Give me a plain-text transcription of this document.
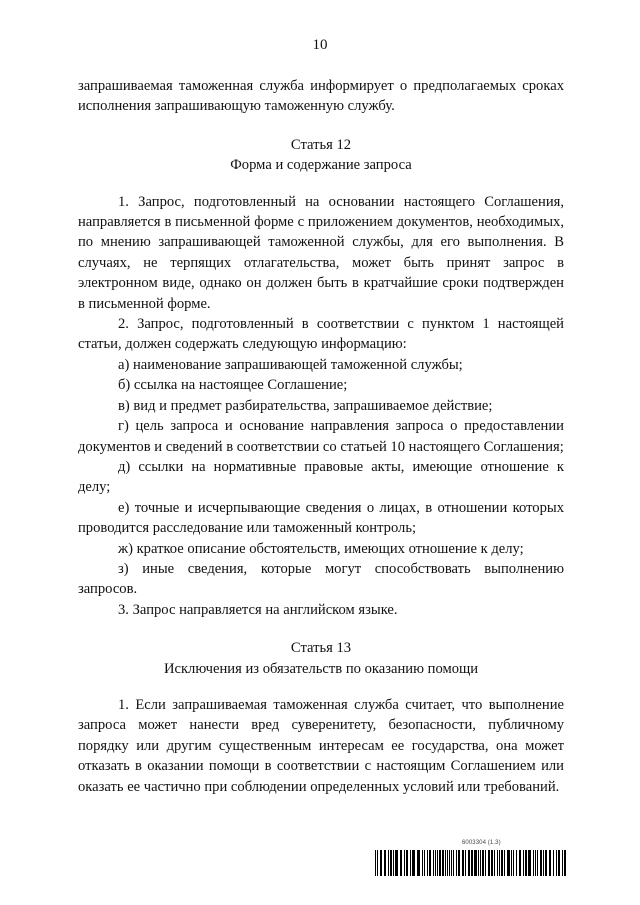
10

запрашиваемая таможенная служба информирует о предполагаемых сроках исполнения запрашивающую таможенную службу.

Статья 12
Форма и содержание запроса

1. Запрос, подготовленный на основании настоящего Соглашения, направляется в письменной форме с приложением документов, необходимых, по мнению запрашивающей таможенной службы, для его выполнения. В случаях, не терпящих отлагательства, может быть принят запрос в электронном виде, однако он должен быть в кратчайшие сроки подтвержден в письменной форме.

2. Запрос, подготовленный в соответствии с пунктом 1 настоящей статьи, должен содержать следующую информацию:

а) наименование запрашивающей таможенной службы;

б) ссылка на настоящее Соглашение;

в) вид и предмет разбирательства, запрашиваемое действие;

г) цель запроса и основание направления запроса о предоставлении документов и сведений в соответствии со статьей 10 настоящего Соглашения;

д) ссылки на нормативные правовые акты, имеющие отношение к делу;

е) точные и исчерпывающие сведения о лицах, в отношении которых проводится расследование или таможенный контроль;

ж) краткое описание обстоятельств, имеющих отношение к делу;

з) иные сведения, которые могут способствовать выполнению запросов.

3. Запрос направляется на английском языке.

Статья 13
Исключения из обязательств по оказанию помощи

1. Если запрашиваемая таможенная служба считает, что выполнение запроса может нанести вред суверенитету, безопасности, публичному порядку или другим существенным интересам ее государства, она может отказать в оказании помощи в соответствии с настоящим Соглашением или оказать ее частично при соблюдении определенных условий или требований.

6003304 (1.3)
